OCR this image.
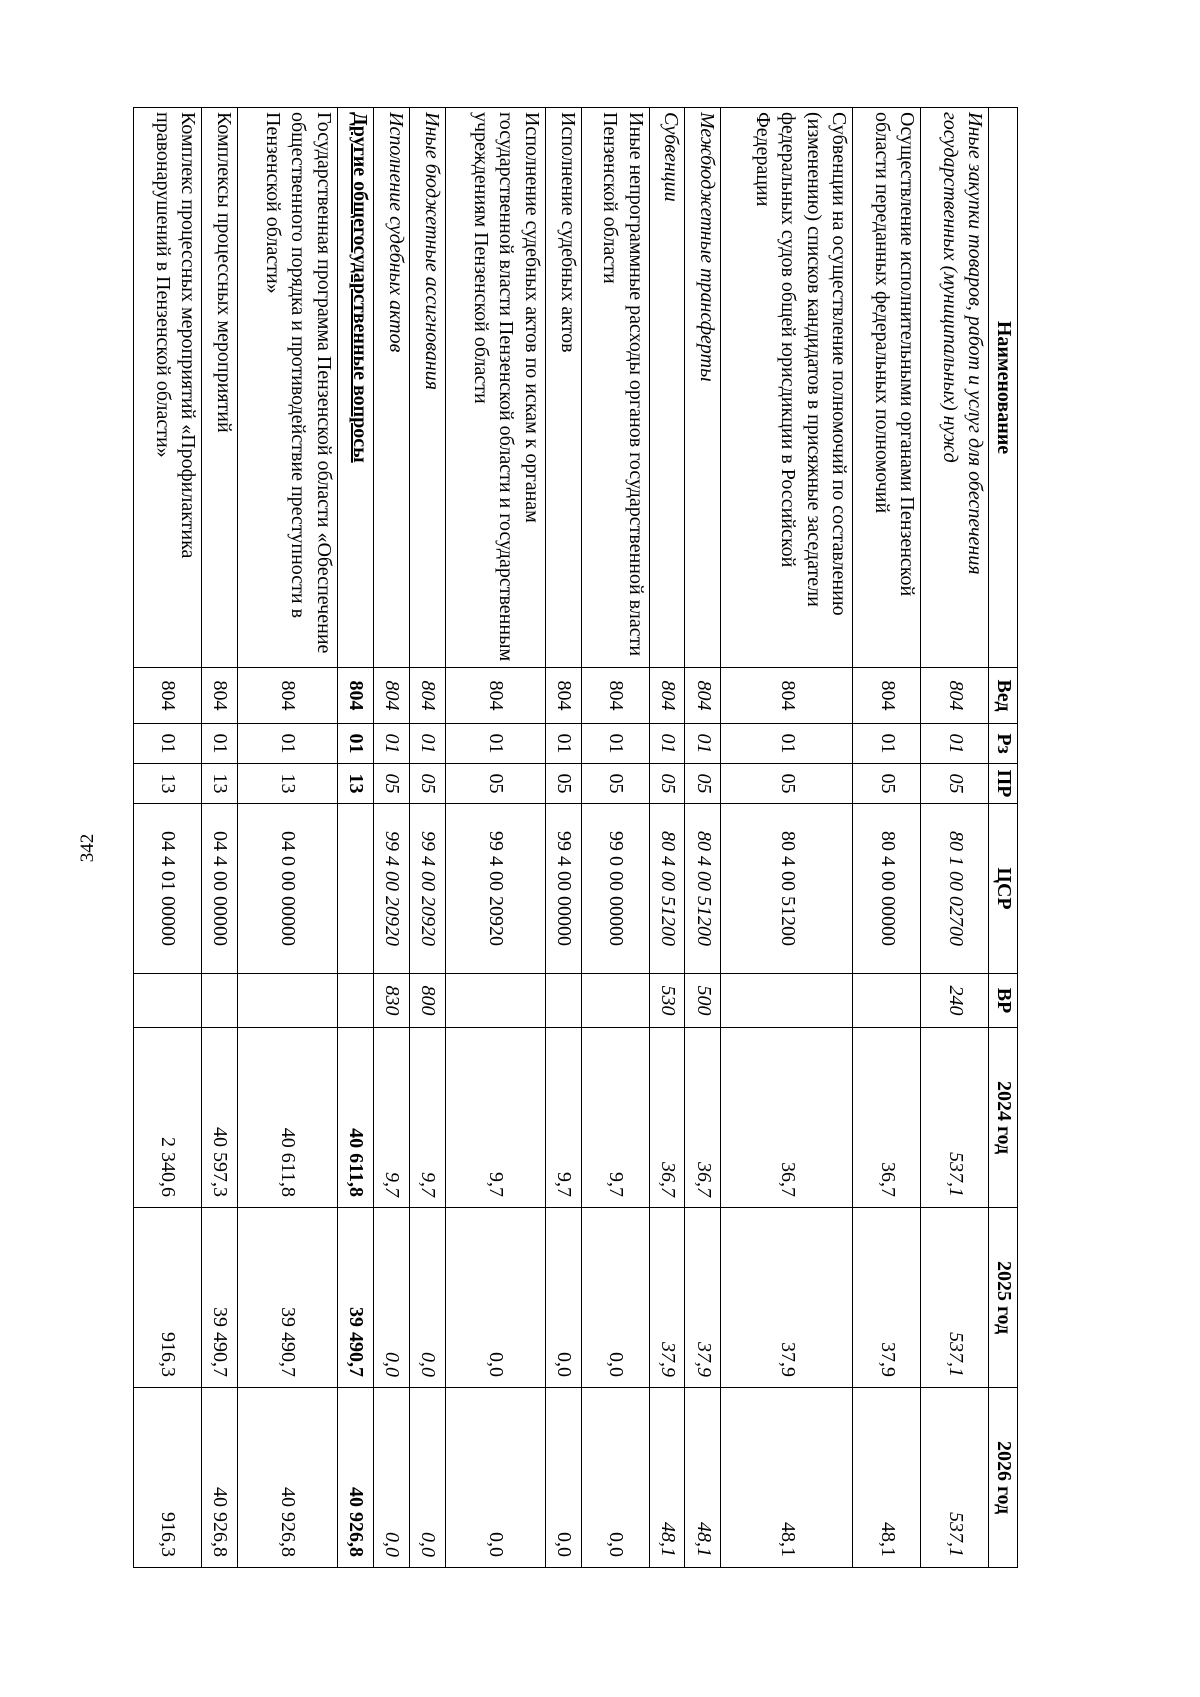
342
Наименование	Вед	Рз	ПР	ЦСР	ВР	2024 год	2025 год	2026 год
Иные закупки товаров, работ и услуг для обеспечения государственных (муниципальных) нужд	804	01	05	80 1 00 02700	240	537,1	537,1	537,1
Осуществление исполнительными органами Пензенской области переданных федеральных полномочий	804	01	05	80 4 00 00000		36,7	37,9	48,1
Субвенции на осуществление полномочий по составлению (изменению) списков кандидатов в присяжные заседатели федеральных судов общей юрисдикции в Российской Федерации	804	01	05	80 4 00 51200		36,7	37,9	48,1
Межбюджетные трансферты	804	01	05	80 4 00 51200	500	36,7	37,9	48,1
Субвенции	804	01	05	80 4 00 51200	530	36,7	37,9	48,1
Иные непрограммные расходы органов государственной власти Пензенской области	804	01	05	99 0 00 00000		9,7	0,0	0,0
Исполнение судебных актов	804	01	05	99 4 00 00000		9,7	0,0	0,0
Исполнение судебных актов по искам к органам государственной власти Пензенской области и государственным учреждениям Пензенской области	804	01	05	99 4 00 20920		9,7	0,0	0,0
Иные бюджетные ассигнования	804	01	05	99 4 00 20920	800	9,7	0,0	0,0
Исполнение судебных актов	804	01	05	99 4 00 20920	830	9,7	0,0	0,0
Другие общегосударственные вопросы	804	01	13			40 611,8	39 490,7	40 926,8
Государственная программа Пензенской области «Обеспечение общественного порядка и противодействие преступности в Пензенской области»	804	01	13	04 0 00 00000		40 611,8	39 490,7	40 926,8
Комплексы процессных мероприятий	804	01	13	04 4 00 00000		40 597,3	39 490,7	40 926,8
Комплекс процессных мероприятий «Профилактика правонарушений в Пензенской области»	804	01	13	04 4 01 00000		2 340,6	916,3	916,3
